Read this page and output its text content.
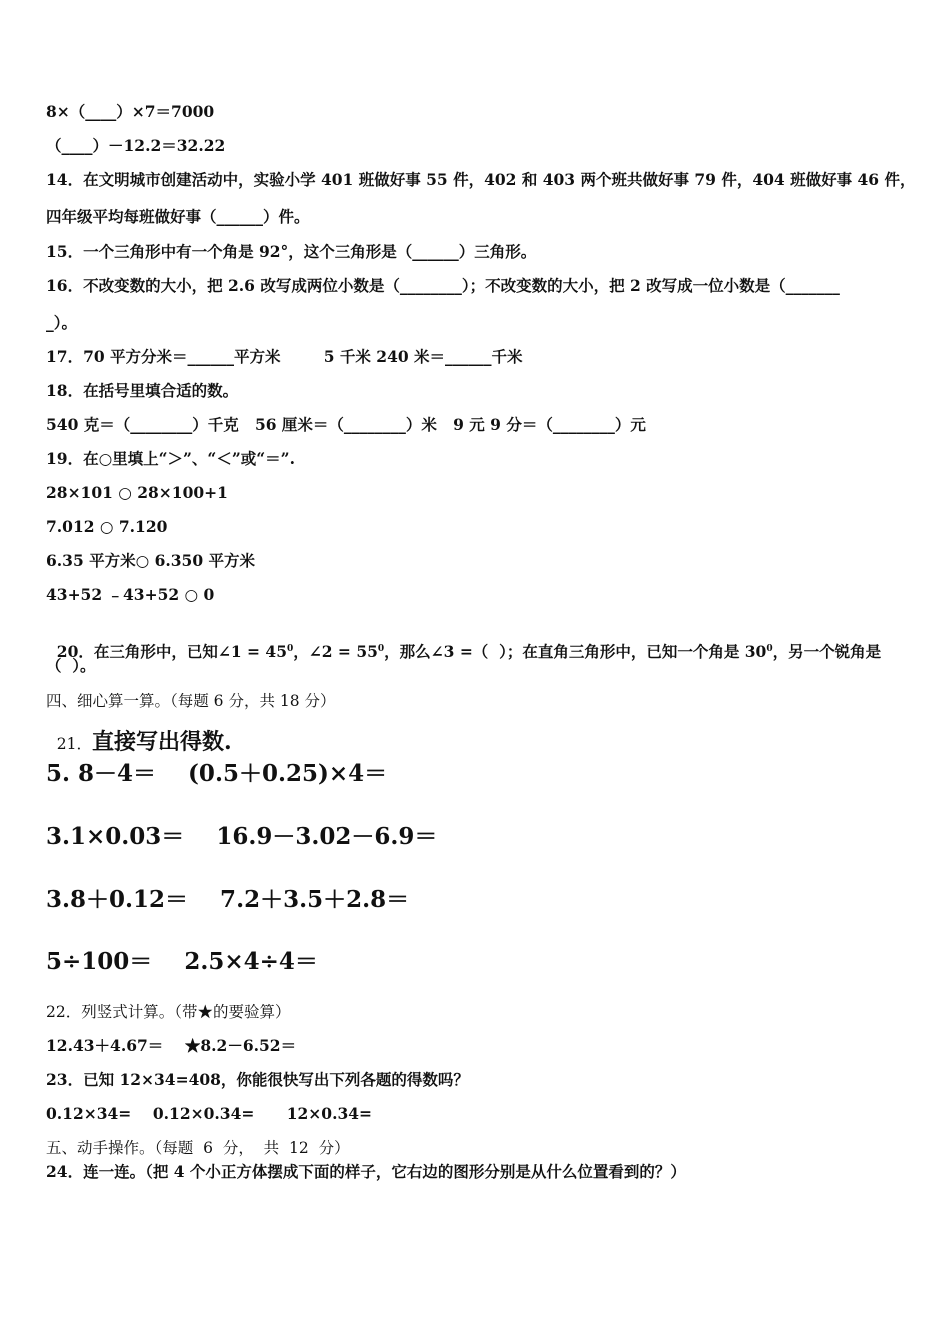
8×（____）×7＝7000
（____）－12.2＝32.22
14．在文明城市创建活动中，实验小学 401 班做好事 55 件，402 和 403 两个班共做好事 79 件，404 班做好事 46 件，
四年级平均每班做好事（______）件。
15．一个三角形中有一个角是 92°，这个三角形是（______）三角形。
16．不改变数的大小，把 2.6 改写成两位小数是（________）；不改变数的大小，把 2 改写成一位小数是（_______
_）。
17．70 平方分米＝______平方米        5 千米 240 米＝______千米
18．在括号里填合适的数。
540 克＝（________）千克   56 厘米＝（________）米   9 元 9 分＝（________）元
19．在○里填上“＞”、“＜”或“＝”.
28×101 ○ 28×100+1
7.012 ○ 7.120
6.35 平方米○ 6.350 平方米
43+52 ﹣43+52 ○ 0

20．在三角形中，已知∠1 = $45^0$，∠2 = $55^0$，那么∠3 =（  ）；在直角三角形中，已知一个角是 $30^0$，另一个锐角是

（  ）。
四、细心算一算。（每题 6 分，共 18 分）

21．直接写出得数.

5. 8－4＝    (0.5＋0.25)×4＝
3.1×0.03＝    16.9－3.02－6.9＝
3.8＋0.12＝    7.2＋3.5＋2.8＝
5÷100＝    2.5×4÷4＝
22．列竖式计算。（带★的要验算）
12.43＋4.67＝    ★8.2－6.52＝
23．已知 12×34=408，你能很快写出下列各题的得数吗？
0.12×34=    0.12×0.34=      12×0.34=
五、动手操作。（每题  6  分，  共  12  分）
24．连一连。（把 4 个小正方体摆成下面的样子，它右边的图形分别是从什么位置看到的？）
